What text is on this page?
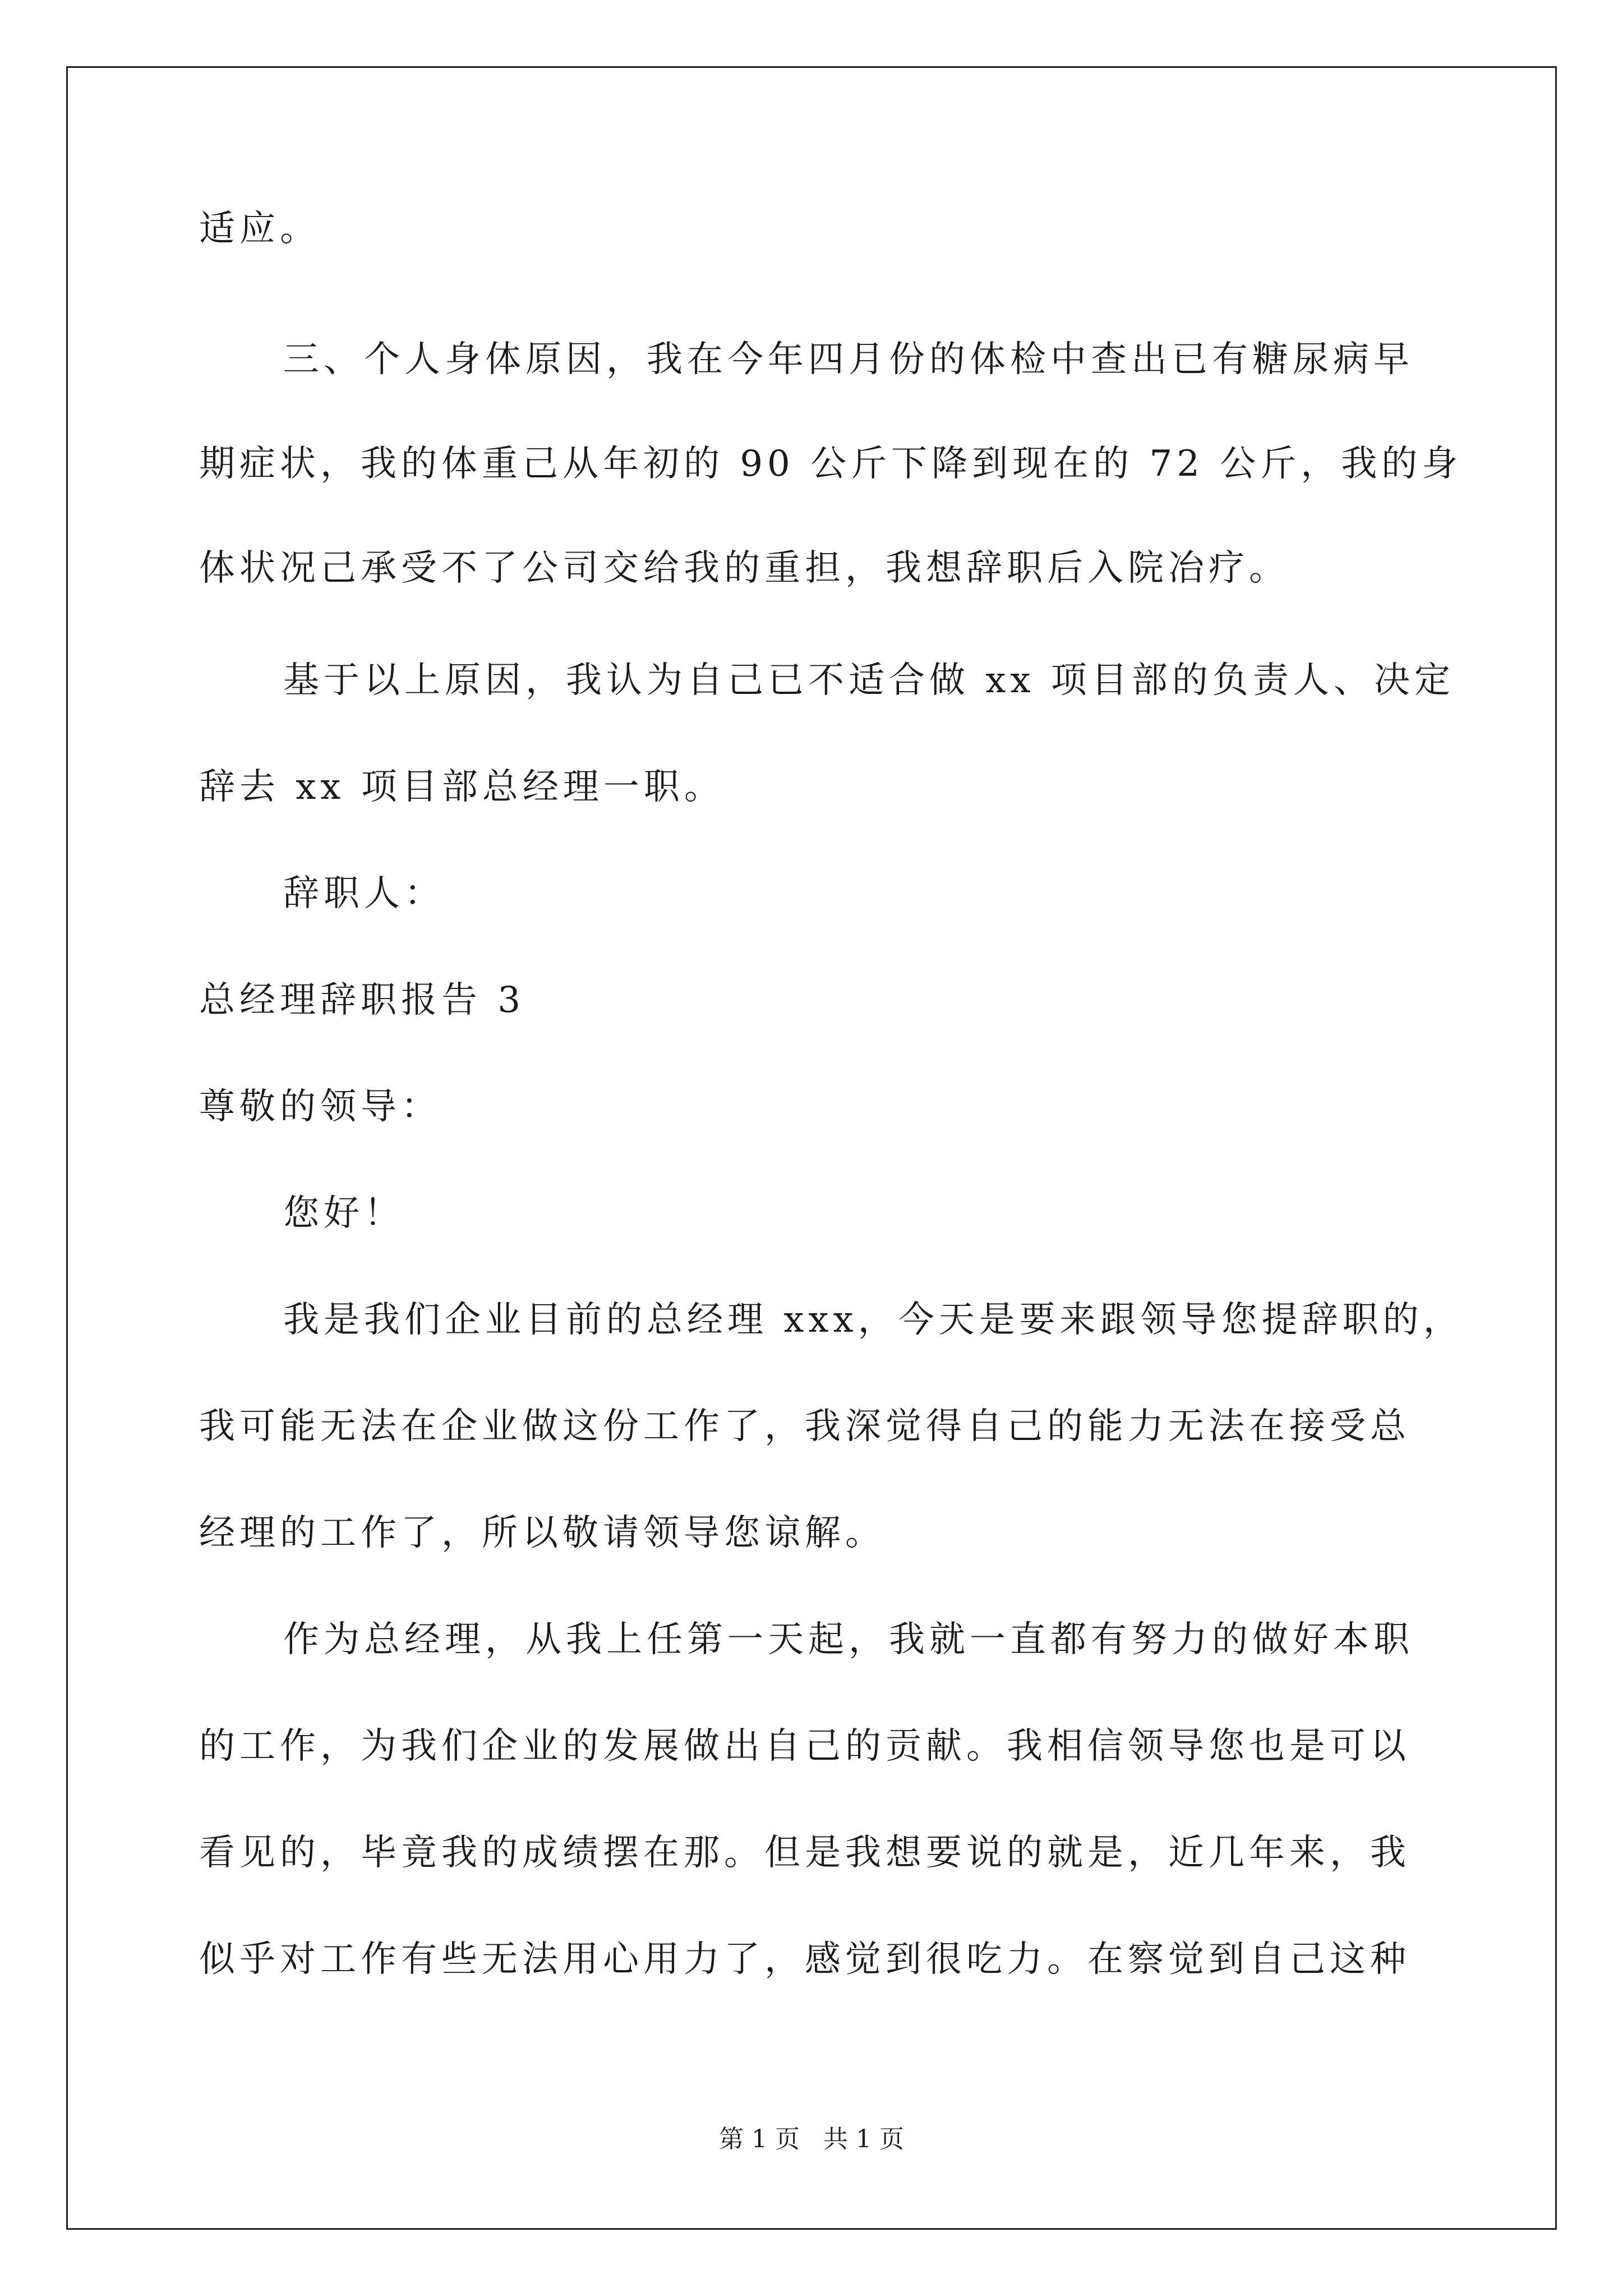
适应。
三、个人身体原因，我在今年四月份的体检中查出已有糖尿病早
期症状，我的体重己从年初的 90 公斤下降到现在的 72 公斤，我的身
体状况己承受不了公司交给我的重担，我想辞职后入院冶疗。
基于以上原因，我认为自己已不适合做 xx 项目部的负责人、决定
辞去 xx 项目部总经理一职。
辞职人：
总经理辞职报告 3
尊敬的领导：
您好！
我是我们企业目前的总经理 xxx，今天是要来跟领导您提辞职的，
我可能无法在企业做这份工作了，我深觉得自己的能力无法在接受总
经理的工作了，所以敬请领导您谅解。
作为总经理，从我上任第一天起，我就一直都有努力的做好本职
的工作，为我们企业的发展做出自己的贡献。我相信领导您也是可以
看见的，毕竟我的成绩摆在那。但是我想要说的就是，近几年来，我
似乎对工作有些无法用心用力了，感觉到很吃力。在察觉到自己这种
第 1 页   共 1 页
